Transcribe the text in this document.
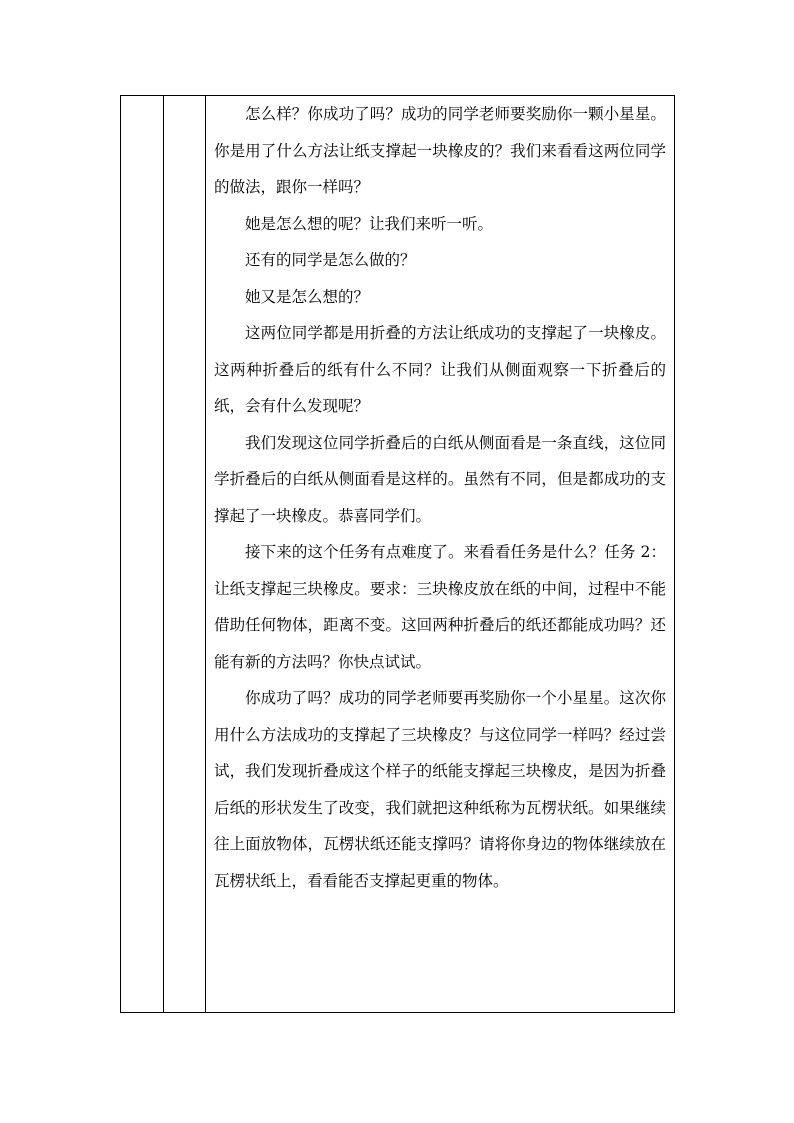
怎么样？你成功了吗？成功的同学老师要奖励你一颗小星星。你是用了什么方法让纸支撑起一块橡皮的？我们来看看这两位同学的做法，跟你一样吗？

她是怎么想的呢？让我们来听一听。

还有的同学是怎么做的？

她又是怎么想的？

这两位同学都是用折叠的方法让纸成功的支撑起了一块橡皮。这两种折叠后的纸有什么不同？让我们从侧面观察一下折叠后的纸，会有什么发现呢？

我们发现这位同学折叠后的白纸从侧面看是一条直线，这位同学折叠后的白纸从侧面看是这样的。虽然有不同，但是都成功的支撑起了一块橡皮。恭喜同学们。

接下来的这个任务有点难度了。来看看任务是什么？任务 2：让纸支撑起三块橡皮。要求：三块橡皮放在纸的中间，过程中不能借助任何物体，距离不变。这回两种折叠后的纸还都能成功吗？还能有新的方法吗？你快点试试。

你成功了吗？成功的同学老师要再奖励你一个小星星。这次你用什么方法成功的支撑起了三块橡皮？与这位同学一样吗？经过尝试，我们发现折叠成这个样子的纸能支撑起三块橡皮，是因为折叠后纸的形状发生了改变，我们就把这种纸称为瓦楞状纸。如果继续往上面放物体，瓦楞状纸还能支撑吗？请将你身边的物体继续放在瓦楞状纸上，看看能否支撑起更重的物体。
